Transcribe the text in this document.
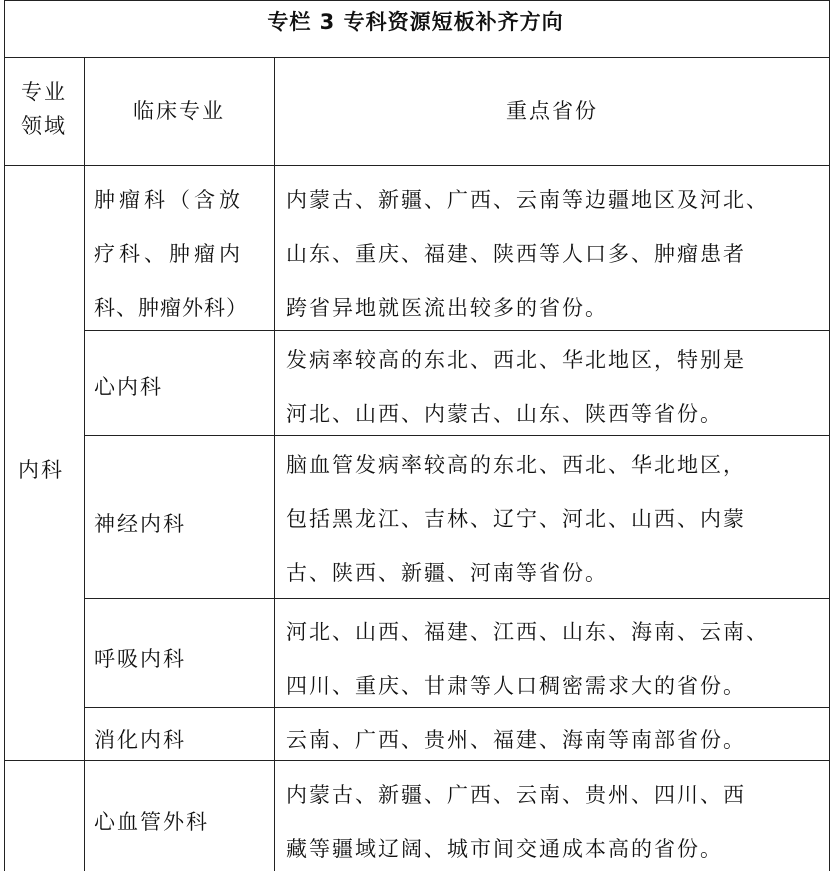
专栏 3 专科资源短板补齐方向
专业
领域
临床专业	重点省份
内科
肿瘤科（含放
疗科、肿瘤内
科、肿瘤外科）
内蒙古、新疆、广西、云南等边疆地区及河北、
山东、重庆、福建、陕西等人口多、肿瘤患者
跨省异地就医流出较多的省份。
心内科
发病率较高的东北、西北、华北地区，特别是
河北、山西、内蒙古、山东、陕西等省份。
神经内科
脑血管发病率较高的东北、西北、华北地区，
包括黑龙江、吉林、辽宁、河北、山西、内蒙
古、陕西、新疆、河南等省份。
呼吸内科
河北、山西、福建、江西、山东、海南、云南、
四川、重庆、甘肃等人口稠密需求大的省份。
消化内科	云南、广西、贵州、福建、海南等南部省份。
心血管外科
内蒙古、新疆、广西、云南、贵州、四川、西
藏等疆域辽阔、城市间交通成本高的省份。
